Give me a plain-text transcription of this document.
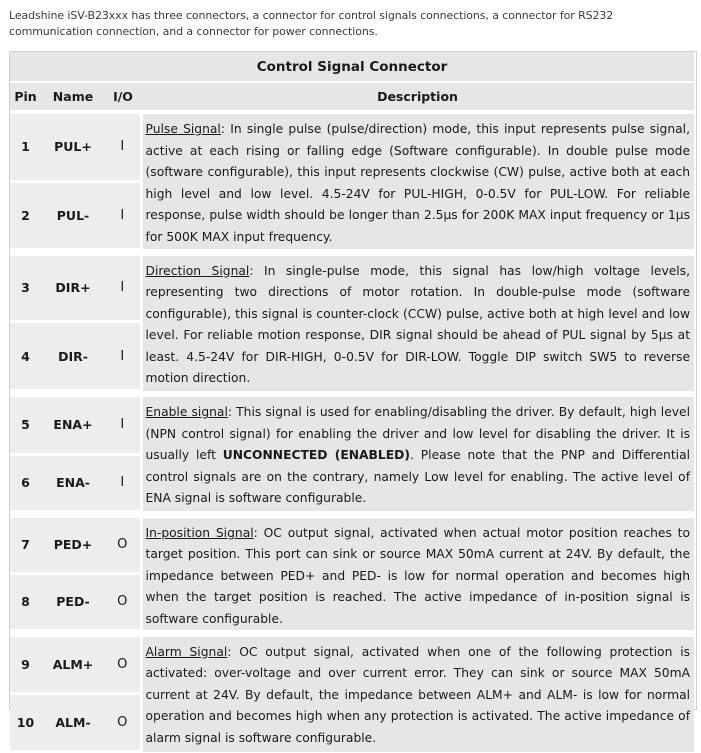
Leadshine iSV-B23xxx has three connectors, a connector for control signals connections, a connector for RS232 communication connection, and a connector for power connections.
Control Signal Connector			
Pin	Name	I/O	Description
1	PUL+	I	Pulse Signal: In single pulse (pulse/direction) mode, this input represents pulse signal, active at each rising or falling edge (Software configurable). In double pulse mode (software configurable), this input represents clockwise (CW) pulse, active both at each high level and low level. 4.5-24V for PUL-HIGH, 0-0.5V for PUL-LOW. For reliable response, pulse width should be longer than 2.5μs for 200K MAX input frequency or 1μs for 500K MAX input frequency.
2	PUL-	I	

3	DIR+	I	Direction Signal: In single-pulse mode, this signal has low/high voltage levels, representing two directions of motor rotation. In double-pulse mode (software configurable), this signal is counter-clock (CCW) pulse, active both at high level and low level. For reliable motion response, DIR signal should be ahead of PUL signal by 5μs at least. 4.5-24V for DIR-HIGH, 0-0.5V for DIR-LOW. Toggle DIP switch SW5 to reverse motion direction.
4	DIR-	I	

5	ENA+	I	Enable signal: This signal is used for enabling/disabling the driver. By default, high level (NPN control signal) for enabling the driver and low level for disabling the driver. It is usually left UNCONNECTED (ENABLED). Please note that the PNP and Differential control signals are on the contrary, namely Low level for enabling. The active level of ENA signal is software configurable.
6	ENA-	I	

7	PED+	O	In-position Signal: OC output signal, activated when actual motor position reaches to target position. This port can sink or source MAX 50mA current at 24V. By default, the impedance between PED+ and PED- is low for normal operation and becomes high when the target position is reached. The active impedance of in-position signal is software configurable.
8	PED-	O	

9	ALM+	O	Alarm Signal: OC output signal, activated when one of the following protection is activated: over-voltage and over current error. They can sink or source MAX 50mA current at 24V. By default, the impedance between ALM+ and ALM- is low for normal operation and becomes high when any protection is activated. The active impedance of alarm signal is software configurable.
10	ALM-	O	
